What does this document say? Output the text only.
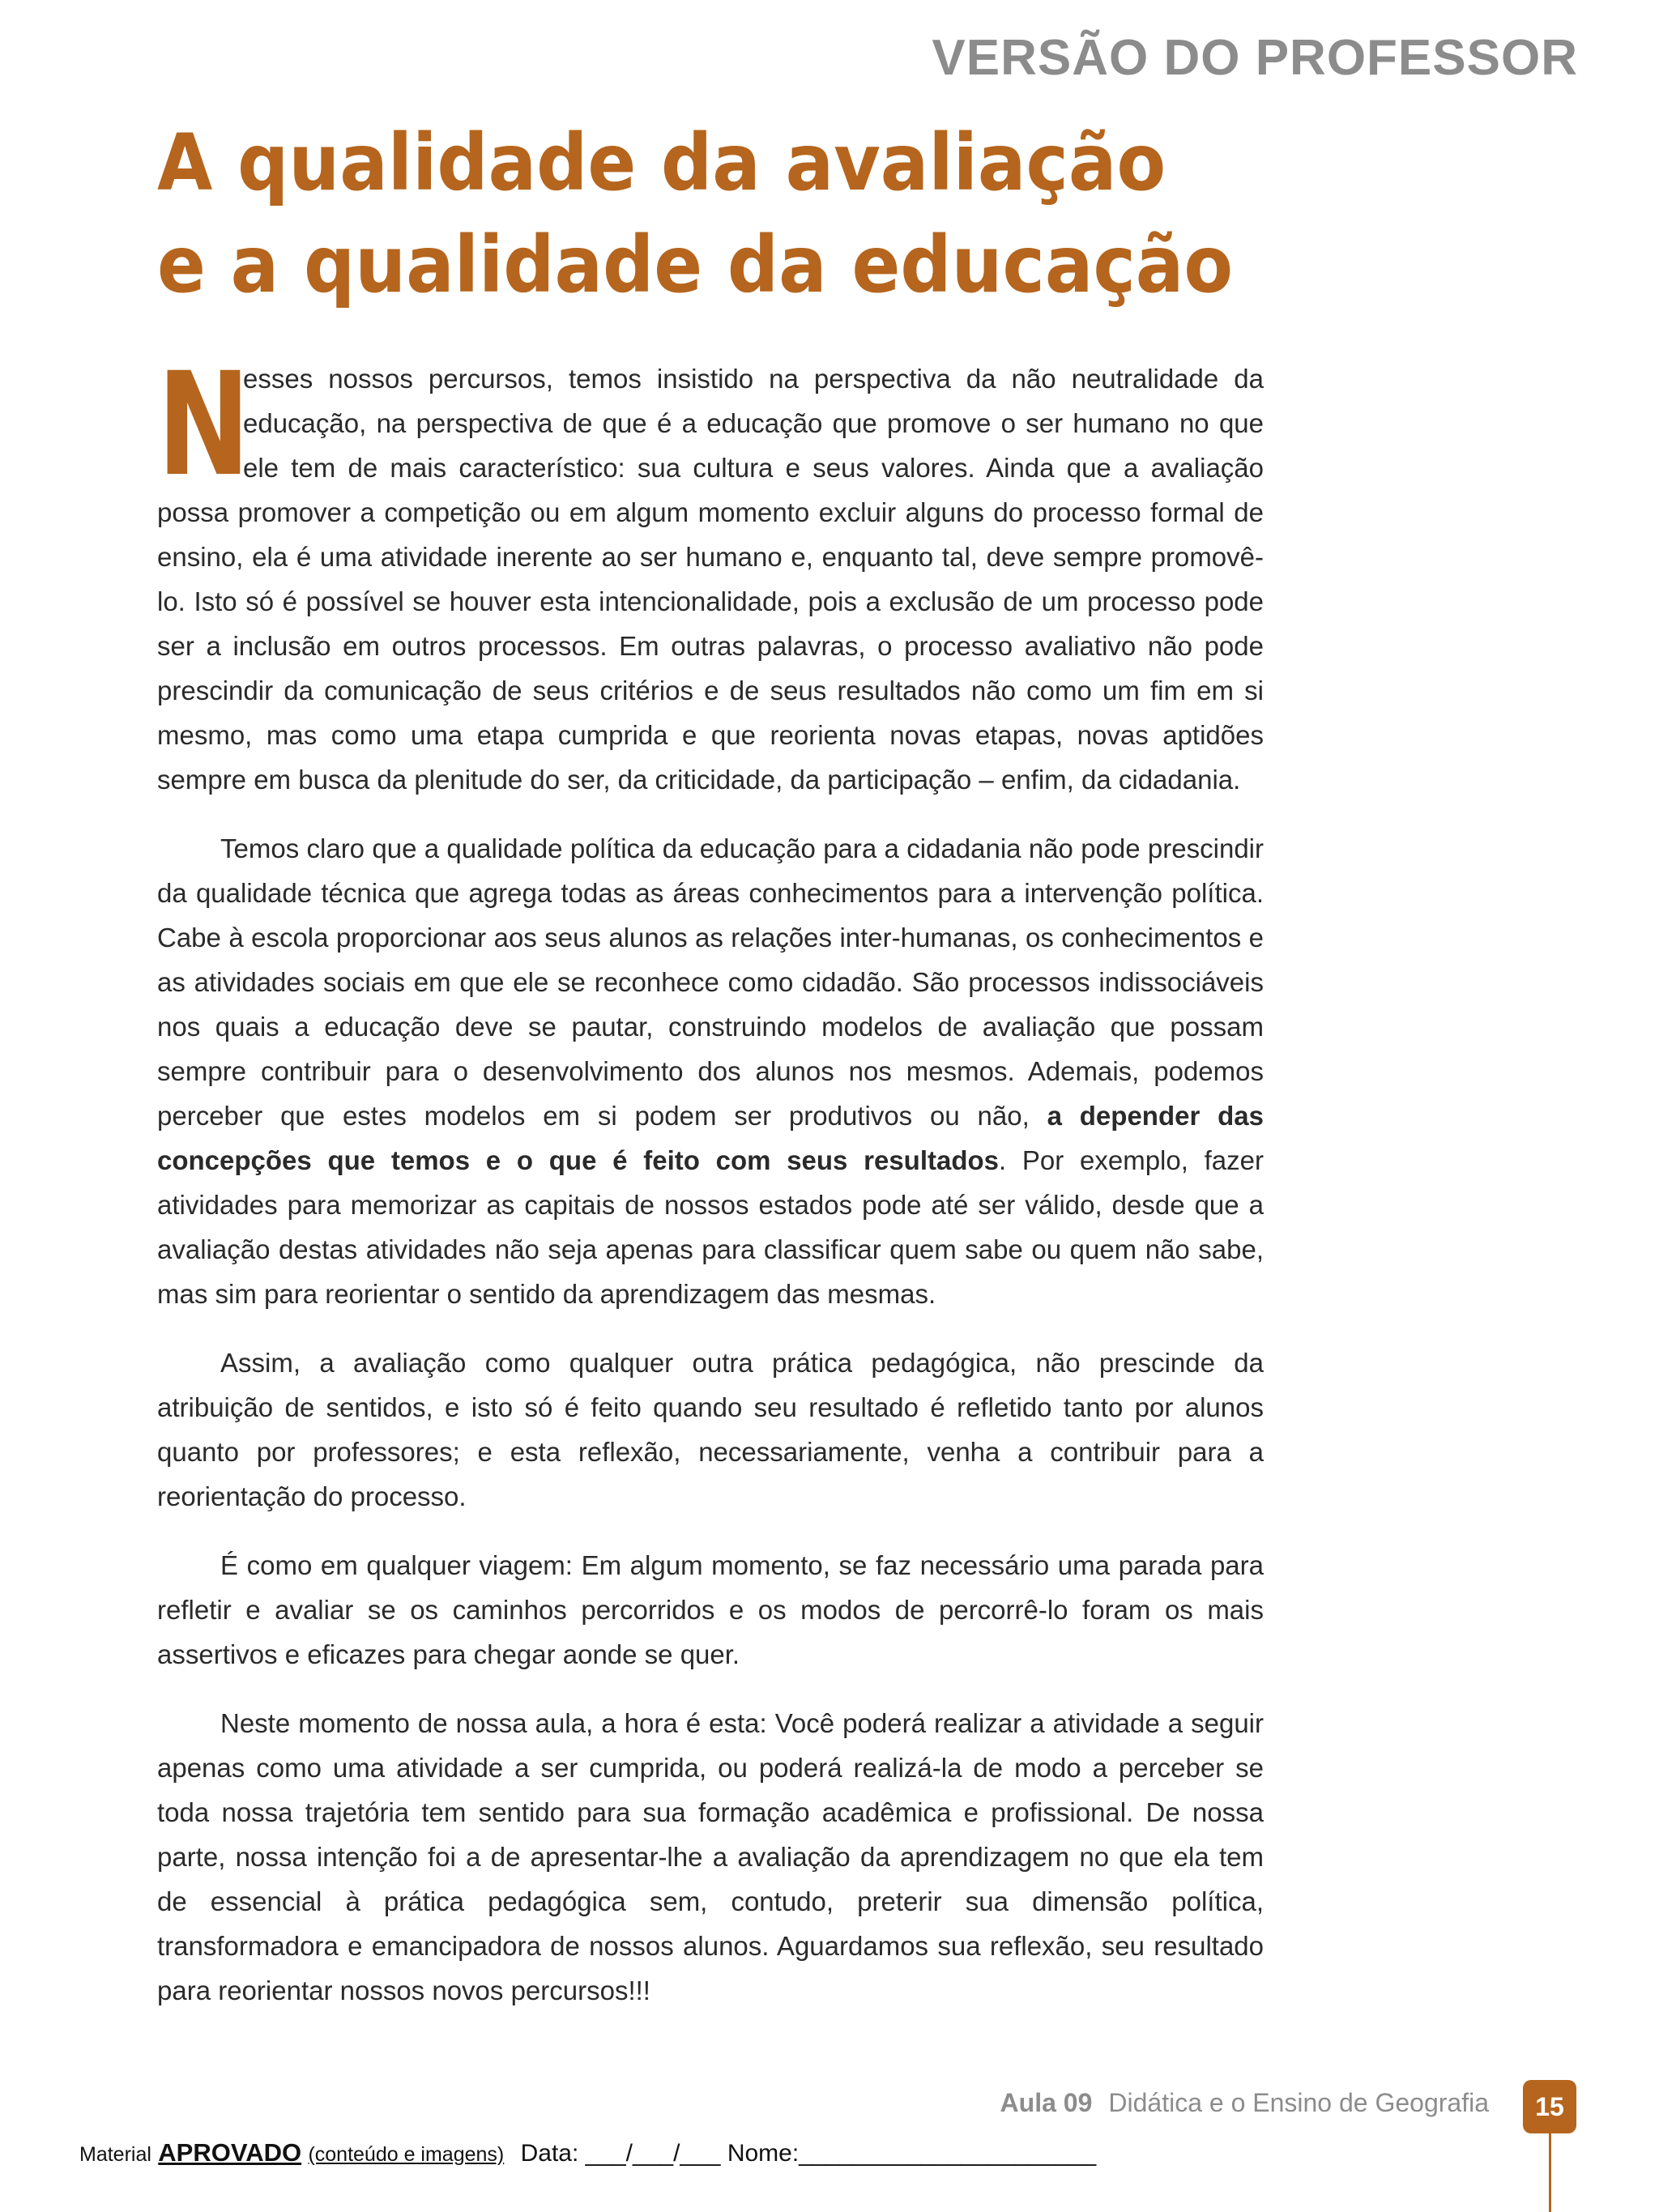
VERSÃO DO PROFESSOR
A qualidade da avaliação
e a qualidade da educação

N
esses nossos percursos, temos insistido na perspectiva da não neutralidade da educação, na perspectiva de que é a educação que promove o ser humano no que ele tem de mais característico: sua cultura e seus valores. Ainda que a avaliação possa promover a competição ou em algum momento excluir alguns do processo formal de ensino, ela é uma atividade inerente ao ser humano e, enquanto tal, deve sempre promovê-lo. Isto só é possível se houver esta intencionalidade, pois a exclusão de um processo pode ser a inclusão em outros processos. Em outras palavras, o processo avaliativo não pode prescindir da comunicação de seus critérios e de seus resultados não como um fim em si mesmo, mas como uma etapa cumprida e que reorienta novas etapas, novas aptidões sempre em busca da plenitude do ser, da criticidade, da participação – enfim, da cidadania.

Temos claro que a qualidade política da educação para a cidadania não pode prescindir da qualidade técnica que agrega todas as áreas conhecimentos para a intervenção política. Cabe à escola proporcionar aos seus alunos as relações inter-humanas, os conhecimentos e as atividades sociais em que ele se reconhece como cidadão. São processos indissociáveis nos quais a educação deve se pautar, construindo modelos de avaliação que possam sempre contribuir para o desenvolvimento dos alunos nos mesmos. Ademais, podemos perceber que estes modelos em si podem ser produtivos ou não, a depender das concepções que temos e o que é feito com seus resultados. Por exemplo, fazer atividades para memorizar as capitais de nossos estados pode até ser válido, desde que a avaliação destas atividades não seja apenas para classificar quem sabe ou quem não sabe, mas sim para reorientar o sentido da aprendizagem das mesmas.

Assim, a avaliação como qualquer outra prática pedagógica, não prescinde da atribuição de sentidos, e isto só é feito quando seu resultado é refletido tanto por alunos quanto por professores; e esta reflexão, necessariamente, venha a contribuir para a reorientação do processo.

É como em qualquer viagem: Em algum momento, se faz necessário uma parada para refletir e avaliar se os caminhos percorridos e os modos de percorrê-lo foram os mais assertivos e eficazes para chegar aonde se quer.

Neste momento de nossa aula, a hora é esta: Você poderá realizar a atividade a seguir apenas como uma atividade a ser cumprida, ou poderá realizá-la de modo a perceber se toda nossa trajetória tem sentido para sua formação acadêmica e profissional. De nossa parte, nossa intenção foi a de apresentar-lhe a avaliação da aprendizagem no que ela tem de essencial à prática pedagógica sem, contudo, preterir sua dimensão política, transformadora e emancipadora de nossos alunos. Aguardamos sua reflexão, seu resultado para reorientar nossos novos percursos!!!

Aula 09 Didática e o Ensino de Geografia	15
Material APROVADO (conteúdo e imagens) Data: ___/___/___ Nome:______________________
